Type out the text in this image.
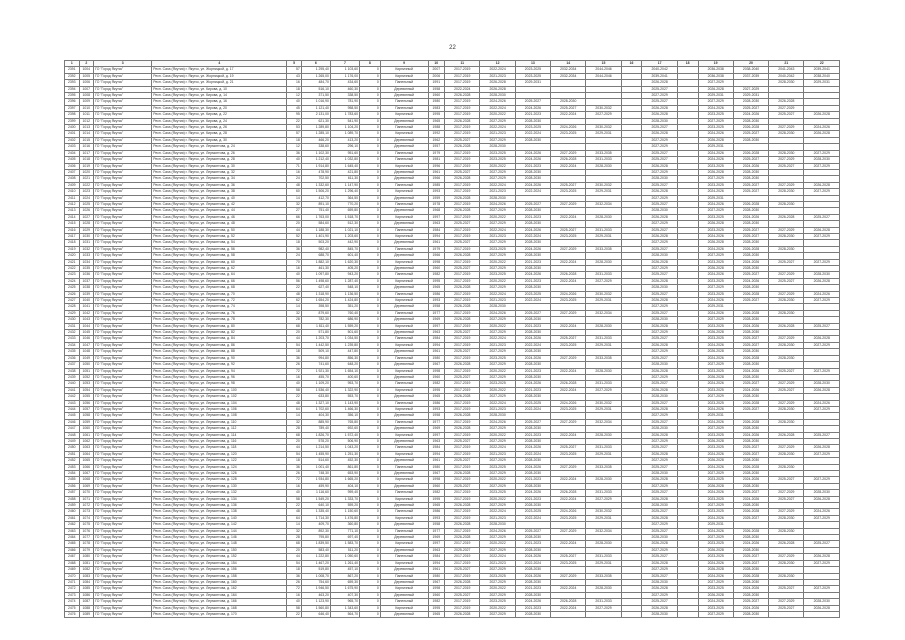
22
1	2	3	4	5	6	7	8	9	10	11	12	13	14	15	16	17	18	19	20	21	22
2391	1004	ГО "Город Якутск"	Респ. Саха (Якутия) г. Якутск, ул. Жорницкой, д. 17	57	1 295,40	1 103,60	0	Кирпичный	2007	2017-2019	2022-2024	2023-2025	2032-2034	2044-2046		2040-2042		2036-2038	2038-2040	2041-2043	2039-2041
2392	1005	ГО "Город Якутск"	Респ. Саха (Якутия) г. Якутск, ул. Жорницкой, д. 19	43	1 265,00	1 176,00	0	Кирпичный	2006	2017-2019	2021-2023	2023-2025	2032-2034	2044-2046		2039-2041		2036-2038	2037-2039	2040-2042	2038-2040
2393	1006	ГО "Город Якутск"	Респ. Саха (Якутия) г. Якутск, ул. Жорницкой, д. 21	16	484,70	434,60	0	Панельный	1991	2017-2019	2026-2028	2029-2031				2026-2028		2027-2029		2028-2030	2029-2031
2394	1007	ГО "Город Якутск"	Респ. Саха (Якутия) г. Якутск, ул. Кирова, д. 10	18	516,10	460,30	0	Деревянный	1958	2022-2024	2026-2028					2025-2027		2026-2028	2027-2029		
2395	1008	ГО "Город Якутск"	Респ. Саха (Якутия) г. Якутск, ул. Кирова, д. 14	12	371,50	338,50	0	Деревянный	1960	2026-2028	2028-2030					2027-2029		2029-2031	2029-2031		
2396	1009	ГО "Город Якутск"	Респ. Саха (Якутия) г. Якутск, ул. Кирова, д. 16	40	1 016,90	781,90	0	Панельный	1980	2017-2019	2024-2026	2025-2027	2028-2030			2025-2027		2027-2029	2028-2030	2026-2028	
2397	1010	ГО "Город Якутск"	Респ. Саха (Якутия) г. Якутск, ул. Кирова, д. 20	45	1 121,40	958,50	0	Панельный	1983	2017-2019	2022-2024	2024-2026	2025-2027	2030-2032		2026-2028		2024-2026	2025-2027	2027-2029	
2398	1011	ГО "Город Якутск"	Респ. Саха (Якутия) г. Якутск, ул. Кирова, д. 22	95	2 131,00	1 783,60	0	Кирпичный	1995	2017-2019	2020-2022	2021-2023	2022-2024	2027-2029		2026-2028		2023-2025	2024-2026	2025-2027	2026-2028
2399	1012	ГО "Город Якутск"	Респ. Саха (Якутия) г. Якутск, ул. Кирова, д. 24	22	621,30	541,90	0	Деревянный	1965	2026-2028	2027-2029	2028-2030				2028-2030		2027-2029	2028-2030		
2400	1013	ГО "Город Якутск"	Респ. Саха (Якутия) г. Якутск, ул. Кирова, д. 26	53	1 289,80	1 104,20	0	Панельный	1988	2017-2019	2022-2024	2023-2025	2024-2026	2030-2032		2025-2027		2023-2025	2026-2028	2027-2029	2024-2026
2401	1014	ГО "Город Якутск"	Респ. Саха (Якутия) г. Якутск, ул. Кирова, д. 28	57	1 285,10	1 089,70	0	Кирпичный	1992	2017-2019	2021-2023	2022-2024	2023-2025	2029-2031		2026-2028		2024-2026	2025-2027	2028-2030	2026-2028
2402	1015	ГО "Город Якутск"	Респ. Саха (Якутия) г. Якутск, ул. Кирова, д. 30	18	466,20	413,20	0	Деревянный	1962	2025-2027	2027-2029	2028-2030				2027-2029		2026-2028	2028-2030		
2403	1016	ГО "Город Якутск"	Респ. Саха (Якутия) г. Якутск, ул. Лермонтова, д. 24	12	338,60	296,10	0	Деревянный	1957	2026-2028	2028-2030					2027-2029		2029-2031			
2404	1017	ГО "Город Якутск"	Респ. Саха (Якутия) г. Якутск, ул. Лермонтова, д. 26	36	1 102,30	951,60	0	Панельный	1979	2017-2019	2023-2025	2024-2026	2027-2029	2033-2035		2025-2027		2024-2026	2026-2028	2028-2030	2027-2029
2405	1018	ГО "Город Якутск"	Респ. Саха (Якутия) г. Якутск, ул. Лермонтова, д. 28	40	1 212,40	1 032,80	0	Панельный	1981	2017-2019	2023-2025	2024-2026	2026-2028	2031-2033		2025-2027		2024-2026	2025-2027	2027-2029	2028-2030
2406	1019	ГО "Город Якутск"	Респ. Саха (Якутия) г. Якутск, ул. Лермонтова, д. 30	71	1 914,80	1 645,40	0	Кирпичный	1996	2017-2019	2020-2022	2021-2023	2022-2024	2028-2030		2026-2028		2023-2025	2024-2026	2025-2027	2027-2029
2407	1020	ГО "Город Якутск"	Респ. Саха (Якутия) г. Якутск, ул. Лермонтова, д. 32	16	478,90	421,80	0	Деревянный	1961	2025-2027	2027-2029	2028-2030				2027-2029		2026-2028	2028-2030		
2408	1021	ГО "Город Якутск"	Респ. Саха (Якутия) г. Якутск, ул. Лермонтова, д. 34	24	702,50	611,30	0	Деревянный	1966	2026-2028	2027-2029	2028-2030				2028-2030		2027-2029	2028-2030		
2409	1022	ГО "Город Якутск"	Респ. Саха (Якутия) г. Якутск, ул. Лермонтова, д. 36	48	1 332,60	1 147,90	0	Панельный	1985	2017-2019	2022-2024	2024-2026	2025-2027	2030-2032		2025-2027		2023-2025	2025-2027	2027-2029	2026-2028
2410	1023	ГО "Город Якутск"	Респ. Саха (Якутия) г. Якутск, ул. Лермонтова, д. 38	60	1 506,20	1 296,40	0	Кирпичный	1993	2017-2019	2021-2023	2022-2024	2023-2025	2029-2031		2026-2028		2024-2026	2025-2027	2028-2030	2027-2029
2411	1024	ГО "Город Якутск"	Респ. Саха (Якутия) г. Якутск, ул. Лермонтова, д. 40	14	412,70	364,50	0	Деревянный	1959	2026-2028	2028-2030					2027-2029		2029-2031			
2412	1025	ГО "Город Якутск"	Респ. Саха (Якутия) г. Якутск, ул. Лермонтова, д. 42	32	891,10	770,20	0	Панельный	1978	2017-2019	2024-2026	2025-2027	2027-2029	2032-2034		2025-2027		2024-2026	2026-2028	2028-2030	
2413	1026	ГО "Город Якутск"	Респ. Саха (Якутия) г. Якутск, ул. Лермонтова, д. 44	27	751,40	659,80	0	Деревянный	1968	2026-2028	2027-2029	2028-2030				2028-2030		2027-2029	2028-2030		
2414	1027	ГО "Город Якутск"	Респ. Саха (Якутия) г. Якутск, ул. Лермонтова, д. 46	66	1 763,00	1 518,70	0	Кирпичный	1997	2017-2019	2020-2022	2021-2023	2022-2024	2028-2030		2026-2028		2023-2025	2024-2026	2026-2028	2025-2027
2415	1028	ГО "Город Якутск"	Респ. Саха (Якутия) г. Якутск, ул. Лермонтова, д. 48	20	584,60	512,30	0	Деревянный	1963	2025-2027	2027-2029	2028-2030				2027-2029		2026-2028	2028-2030		
2416	1029	ГО "Город Якутск"	Респ. Саха (Якутия) г. Якутск, ул. Лермонтова, д. 50	44	1 188,30	1 021,10	0	Панельный	1984	2017-2019	2022-2024	2024-2026	2025-2027	2031-2033		2025-2027		2023-2025	2025-2027	2027-2029	2026-2028
2417	1030	ГО "Город Якутск"	Респ. Саха (Якутия) г. Якутск, ул. Лермонтова, д. 52	52	1 401,90	1 203,60	0	Кирпичный	1994	2017-2019	2021-2023	2022-2024	2023-2025	2029-2031		2026-2028		2024-2026	2025-2027	2028-2030	2027-2029
2418	1031	ГО "Город Якутск"	Респ. Саха (Якутия) г. Якутск, ул. Лермонтова, д. 54	18	503,20	442,90	0	Деревянный	1961	2025-2027	2027-2029	2028-2030				2027-2029		2026-2028	2028-2030		
2419	1032	ГО "Город Якутск"	Респ. Саха (Якутия) г. Якутск, ул. Лермонтова, д. 56	36	982,40	845,70	0	Панельный	1979	2017-2019	2023-2025	2024-2026	2027-2029	2033-2035		2025-2027		2024-2026	2026-2028	2028-2030	
2420	1033	ГО "Город Якутск"	Респ. Саха (Якутия) г. Якутск, ул. Лермонтова, д. 58	24	688,70	601,40	0	Деревянный	1966	2026-2028	2027-2029	2028-2030				2028-2030		2027-2029	2028-2030		
2421	1034	ГО "Город Якутск"	Респ. Саха (Якутия) г. Якутск, ул. Лермонтова, д. 60	70	1 882,10	1 620,30	0	Кирпичный	1998	2017-2019	2020-2022	2021-2023	2022-2024	2028-2030		2026-2028		2023-2025	2024-2026	2025-2027	2027-2029
2422	1035	ГО "Город Якутск"	Респ. Саха (Якутия) г. Якутск, ул. Лермонтова, д. 62	16	461,30	405,20	0	Деревянный	1960	2025-2027	2027-2029	2028-2030				2027-2029		2026-2028	2028-2030		
2423	1036	ГО "Город Якутск"	Респ. Саха (Якутия) г. Якутск, ул. Лермонтова, д. 64	40	1 097,80	943,20	0	Панельный	1982	2017-2019	2023-2025	2024-2026	2026-2028	2031-2033		2025-2027		2024-2026	2025-2027	2027-2029	2028-2030
2424	1037	ГО "Город Якутск"	Респ. Саха (Якутия) г. Якутск, ул. Лермонтова, д. 66	56	1 498,60	1 287,40	0	Кирпичный	1995	2017-2019	2020-2022	2021-2023	2022-2024	2027-2029		2026-2028		2023-2025	2024-2026	2025-2027	2026-2028
2425	1038	ГО "Город Якутск"	Респ. Саха (Якутия) г. Якутск, ул. Лермонтова, д. 68	22	627,40	548,10	0	Деревянный	1965	2026-2028	2027-2029	2028-2030				2028-2030		2027-2029	2028-2030		
2426	1039	ГО "Город Якутск"	Респ. Саха (Якутия) г. Якутск, ул. Лермонтова, д. 70	48	1 318,90	1 136,50	0	Панельный	1986	2017-2019	2022-2024	2023-2025	2024-2026	2030-2032		2025-2027		2023-2025	2026-2028	2027-2029	2024-2026
2427	1040	ГО "Город Якутск"	Респ. Саха (Якутия) г. Якутск, ул. Лермонтова, д. 72	62	1 654,20	1 424,80	0	Кирпичный	1993	2017-2019	2021-2023	2022-2024	2023-2025	2029-2031		2026-2028		2024-2026	2025-2027	2028-2030	2027-2029
2428	1041	ГО "Город Якутск"	Респ. Саха (Якутия) г. Якутск, ул. Лермонтова, д. 74	14	398,50	351,20	0	Деревянный	1958	2026-2028	2028-2030					2027-2029		2029-2031			
2429	1042	ГО "Город Якутск"	Респ. Саха (Якутия) г. Якутск, ул. Лермонтова, д. 76	32	879,60	760,40	0	Панельный	1977	2017-2019	2024-2026	2025-2027	2027-2029	2032-2034		2025-2027		2024-2026	2026-2028	2028-2030	
2430	1043	ГО "Город Якутск"	Респ. Саха (Якутия) г. Якутск, ул. Лермонтова, д. 78	28	782,30	686,90	0	Деревянный	1969	2026-2028	2027-2029	2028-2030				2028-2030		2027-2029	2028-2030		
2431	1044	ГО "Город Якутск"	Респ. Саха (Якутия) г. Якутск, ул. Лермонтова, д. 80	68	1 811,40	1 559,20	0	Кирпичный	1997	2017-2019	2020-2022	2021-2023	2022-2024	2028-2030		2026-2028		2023-2025	2024-2026	2026-2028	2025-2027
2432	1045	ГО "Город Якутск"	Респ. Саха (Якутия) г. Якутск, ул. Лермонтова, д. 82	20	571,80	501,60	0	Деревянный	1963	2025-2027	2027-2029	2028-2030				2027-2029		2026-2028	2028-2030		
2433	1046	ГО "Город Якутск"	Респ. Саха (Якутия) г. Якутск, ул. Лермонтова, д. 84	44	1 203,70	1 034,50	0	Панельный	1984	2017-2019	2022-2024	2024-2026	2025-2027	2031-2033		2025-2027		2023-2025	2025-2027	2027-2029	2026-2028
2434	1047	ГО "Город Якутск"	Респ. Саха (Якутия) г. Якутск, ул. Лермонтова, д. 86	54	1 442,50	1 239,80	0	Кирпичный	1994	2017-2019	2021-2023	2022-2024	2023-2025	2029-2031		2026-2028		2024-2026	2025-2027	2028-2030	2027-2029
2435	1048	ГО "Город Якутск"	Респ. Саха (Якутия) г. Якутск, ул. Лермонтова, д. 88	18	509,10	447,80	0	Деревянный	1961	2025-2027	2027-2029	2028-2030				2027-2029		2026-2028	2028-2030		
2436	1049	ГО "Город Якутск"	Респ. Саха (Якутия) г. Якутск, ул. Лермонтова, д. 90	36	994,80	856,30	0	Панельный	1980	2017-2019	2023-2025	2024-2026	2027-2029	2033-2035		2025-2027		2024-2026	2026-2028	2028-2030	
2437	1050	ГО "Город Якутск"	Респ. Саха (Якутия) г. Якутск, ул. Лермонтова, д. 92	26	741,60	648,20	0	Деревянный	1967	2026-2028	2027-2029	2028-2030				2028-2030		2027-2029	2028-2030		
2438	1051	ГО "Город Якутск"	Респ. Саха (Якутия) г. Якутск, ул. Лермонтова, д. 94	72	1 921,30	1 654,10	0	Кирпичный	1998	2017-2019	2020-2022	2021-2023	2022-2024	2028-2030		2026-2028		2023-2025	2024-2026	2025-2027	2027-2029
2439	1052	ГО "Город Якутск"	Респ. Саха (Якутия) г. Якутск, ул. Лермонтова, д. 96	16	455,70	400,60	0	Деревянный	1960	2025-2027	2027-2029	2028-2030				2027-2029		2026-2028	2028-2030		
2440	1053	ГО "Город Якутск"	Респ. Саха (Якутия) г. Якутск, ул. Лермонтова, д. 98	40	1 109,20	953,70	0	Панельный	1982	2017-2019	2023-2025	2024-2026	2026-2028	2031-2033		2025-2027		2024-2026	2025-2027	2027-2029	2028-2030
2441	1054	ГО "Город Якутск"	Респ. Саха (Якутия) г. Якутск, ул. Лермонтова, д. 100	58	1 536,40	1 322,90	0	Кирпичный	1995	2017-2019	2020-2022	2021-2023	2022-2024	2027-2029		2026-2028		2023-2025	2024-2026	2025-2027	2026-2028
2442	1055	ГО "Город Якутск"	Респ. Саха (Якутия) г. Якутск, ул. Лермонтова, д. 102	22	633,80	553,70	0	Деревянный	1965	2026-2028	2027-2029	2028-2030				2028-2030		2027-2029	2028-2030		
2443	1056	ГО "Город Якутск"	Респ. Саха (Якутия) г. Якутск, ул. Лермонтова, д. 104	48	1 327,10	1 143,90	0	Панельный	1986	2017-2019	2022-2024	2023-2025	2024-2026	2030-2032		2025-2027		2023-2025	2026-2028	2027-2029	2024-2026
2444	1057	ГО "Город Якутск"	Респ. Саха (Якутия) г. Якутск, ул. Лермонтова, д. 106	64	1 702,60	1 466,30	0	Кирпичный	1993	2017-2019	2021-2023	2022-2024	2023-2025	2029-2031		2026-2028		2024-2026	2025-2027	2028-2030	2027-2029
2445	1058	ГО "Город Якутск"	Респ. Саха (Якутия) г. Якутск, ул. Лермонтова, д. 108	14	404,30	356,10	0	Деревянный	1958	2026-2028	2028-2030					2027-2029		2029-2031			
2446	1059	ГО "Город Якутск"	Респ. Саха (Якутия) г. Якутск, ул. Лермонтова, д. 110	32	885,90	765,80	0	Панельный	1977	2017-2019	2024-2026	2025-2027	2027-2029	2032-2034		2025-2027		2024-2026	2026-2028	2028-2030	
2447	1060	ГО "Город Якутск"	Респ. Саха (Якутия) г. Якутск, ул. Лермонтова, д. 112	28	789,40	692,60	0	Деревянный	1969	2026-2028	2027-2029	2028-2030				2028-2030		2027-2029	2028-2030		
2448	1061	ГО "Город Якутск"	Респ. Саха (Якутия) г. Якутск, ул. Лермонтова, д. 114	68	1 826,70	1 572,40	0	Кирпичный	1997	2017-2019	2020-2022	2021-2023	2022-2024	2028-2030		2026-2028		2023-2025	2024-2026	2026-2028	2025-2027
2449	1062	ГО "Город Якутск"	Респ. Саха (Якутия) г. Якутск, ул. Лермонтова, д. 116	20	578,20	506,90	0	Деревянный	1963	2025-2027	2027-2029	2028-2030				2027-2029		2026-2028	2028-2030		
2450	1063	ГО "Город Якутск"	Респ. Саха (Якутия) г. Якутск, ул. Лермонтова, д. 118	44	1 214,50	1 043,20	0	Панельный	1984	2017-2019	2022-2024	2024-2026	2025-2027	2031-2033		2025-2027		2023-2025	2025-2027	2027-2029	2026-2028
2451	1064	ГО "Город Якутск"	Респ. Саха (Якутия) г. Якутск, ул. Лермонтова, д. 120	54	1 455,90	1 251,30	0	Кирпичный	1994	2017-2019	2021-2023	2022-2024	2023-2025	2029-2031		2026-2028		2024-2026	2025-2027	2028-2030	2027-2029
2452	1065	ГО "Город Якутск"	Респ. Саха (Якутия) г. Якутск, ул. Лермонтова, д. 122	18	514,60	452,30	0	Деревянный	1961	2025-2027	2027-2029	2028-2030				2027-2029		2026-2028	2028-2030		
2453	1066	ГО "Город Якутск"	Респ. Саха (Якутия) г. Якутск, ул. Лермонтова, д. 124	36	1 001,40	861,80	0	Панельный	1980	2017-2019	2023-2025	2024-2026	2027-2029	2033-2035		2025-2027		2024-2026	2026-2028	2028-2030	
2454	1067	ГО "Город Якутск"	Респ. Саха (Якутия) г. Якутск, ул. Лермонтова, д. 126	26	748,30	653,90	0	Деревянный	1967	2026-2028	2027-2029	2028-2030				2028-2030		2027-2029	2028-2030		
2455	1068	ГО "Город Якутск"	Респ. Саха (Якутия) г. Якутск, ул. Лермонтова, д. 128	72	1 934,80	1 665,20	0	Кирпичный	1998	2017-2019	2020-2022	2021-2023	2022-2024	2028-2030		2026-2028		2023-2025	2024-2026	2025-2027	2027-2029
2456	1069	ГО "Город Якутск"	Респ. Саха (Якутия) г. Якутск, ул. Лермонтова, д. 130	16	459,90	404,10	0	Деревянный	1960	2025-2027	2027-2029	2028-2030				2027-2029		2026-2028	2028-2030		
2457	1070	ГО "Город Якутск"	Респ. Саха (Якутия) г. Якутск, ул. Лермонтова, д. 132	40	1 116,60	959,40	0	Панельный	1982	2017-2019	2023-2025	2024-2026	2026-2028	2031-2033		2025-2027		2024-2026	2025-2027	2027-2029	2028-2030
2458	1071	ГО "Город Якутск"	Респ. Саха (Якутия) г. Якутск, ул. Лермонтова, д. 134	58	1 549,20	1 333,70	0	Кирпичный	1995	2017-2019	2020-2022	2021-2023	2022-2024	2027-2029		2026-2028		2023-2025	2024-2026	2025-2027	2026-2028
2459	1072	ГО "Город Якутск"	Респ. Саха (Якутия) г. Якутск, ул. Лермонтова, д. 136	22	640,10	559,20	0	Деревянный	1965	2026-2028	2027-2029	2028-2030				2028-2030		2027-2029	2028-2030		
2460	1073	ГО "Город Якутск"	Респ. Саха (Якутия) г. Якутск, ул. Лермонтова, д. 138	48	1 335,40	1 150,60	0	Панельный	1986	2017-2019	2022-2024	2023-2025	2024-2026	2030-2032		2025-2027		2023-2025	2026-2028	2027-2029	2024-2026
2461	1074	ГО "Город Якутск"	Респ. Саха (Якутия) г. Якутск, ул. Лермонтова, д. 140	64	1 714,30	1 476,80	0	Кирпичный	1993	2017-2019	2021-2023	2022-2024	2023-2025	2029-2031		2026-2028		2024-2026	2025-2027	2028-2030	2027-2029
2462	1075	ГО "Город Якутск"	Респ. Саха (Якутия) г. Якутск, ул. Лермонтова, д. 142	14	409,70	360,80	0	Деревянный	1958	2026-2028	2028-2030					2027-2029		2029-2031			
2463	1076	ГО "Город Якутск"	Респ. Саха (Якутия) г. Якутск, ул. Лермонтова, д. 144	32	892,30	771,10	0	Панельный	1977	2017-2019	2024-2026	2025-2027	2027-2029	2032-2034		2025-2027		2024-2026	2026-2028	2028-2030	
2464	1077	ГО "Город Якутск"	Респ. Саха (Якутия) г. Якутск, ул. Лермонтова, д. 146	28	795,80	697,40	0	Деревянный	1969	2026-2028	2027-2029	2028-2030				2028-2030		2027-2029	2028-2030		
2465	1078	ГО "Город Якутск"	Респ. Саха (Якутия) г. Якутск, ул. Лермонтова, д. 148	68	1 839,50	1 583,70	0	Кирпичный	1997	2017-2019	2020-2022	2021-2023	2022-2024	2028-2030		2026-2028		2023-2025	2024-2026	2026-2028	2025-2027
2466	1079	ГО "Город Якутск"	Респ. Саха (Якутия) г. Якутск, ул. Лермонтова, д. 150	20	583,40	511,20	0	Деревянный	1963	2025-2027	2027-2029	2028-2030				2027-2029		2026-2028	2028-2030		
2467	1080	ГО "Город Якутск"	Респ. Саха (Якутия) г. Якутск, ул. Лермонтова, д. 152	44	1 222,80	1 050,60	0	Панельный	1984	2017-2019	2022-2024	2024-2026	2025-2027	2031-2033		2025-2027		2023-2025	2025-2027	2027-2029	2026-2028
2468	1081	ГО "Город Якутск"	Респ. Саха (Якутия) г. Якутск, ул. Лермонтова, д. 154	54	1 467,20	1 261,40	0	Кирпичный	1994	2017-2019	2021-2023	2022-2024	2023-2025	2029-2031		2026-2028		2024-2026	2025-2027	2028-2030	2027-2029
2469	1082	ГО "Город Якутск"	Респ. Саха (Якутия) г. Якутск, ул. Лермонтова, д. 156	18	519,80	457,10	0	Деревянный	1961	2025-2027	2027-2029	2028-2030				2027-2029		2026-2028	2028-2030		
2470	1083	ГО "Город Якутск"	Респ. Саха (Якутия) г. Якутск, ул. Лермонтова, д. 158	36	1 008,70	867,20	0	Панельный	1980	2017-2019	2023-2025	2024-2026	2027-2029	2033-2035		2025-2027		2024-2026	2026-2028	2028-2030	
2471	1084	ГО "Город Якутск"	Респ. Саха (Якутия) г. Якутск, ул. Лермонтова, д. 160	26	754,60	659,30	0	Деревянный	1967	2026-2028	2027-2029	2028-2030				2028-2030		2027-2029	2028-2030		
2472	1085	ГО "Город Якутск"	Респ. Саха (Якутия) г. Якутск, ул. Лермонтова, д. 162	72	1 946,50	1 675,90	0	Кирпичный	1998	2017-2019	2020-2022	2021-2023	2022-2024	2028-2030		2026-2028		2023-2025	2024-2026	2025-2027	2027-2029
2473	1086	ГО "Город Якутск"	Респ. Саха (Якутия) г. Якутск, ул. Лермонтова, д. 164	16	463,20	407,30	0	Деревянный	1960	2025-2027	2027-2029	2028-2030				2027-2029		2026-2028	2028-2030		
2474	1087	ГО "Город Якутск"	Респ. Саха (Якутия) г. Якутск, ул. Лермонтова, д. 166	40	1 123,90	965,70	0	Панельный	1982	2017-2019	2023-2025	2024-2026	2026-2028	2031-2033		2025-2027		2024-2026	2025-2027	2027-2029	2028-2030
2475	1088	ГО "Город Якутск"	Респ. Саха (Якутия) г. Якутск, ул. Лермонтова, д. 168	58	1 560,80	1 343,60	0	Кирпичный	1995	2017-2019	2020-2022	2021-2023	2022-2024	2027-2029		2026-2028		2023-2025	2024-2026	2025-2027	2026-2028
2476	1089	ГО "Город Якутск"	Респ. Саха (Якутия) г. Якутск, ул. Лермонтова, д. 170	22	646,40	564,70	0	Деревянный	1965	2026-2028	2027-2029	2028-2030				2028-2030		2027-2029	2028-2030		
